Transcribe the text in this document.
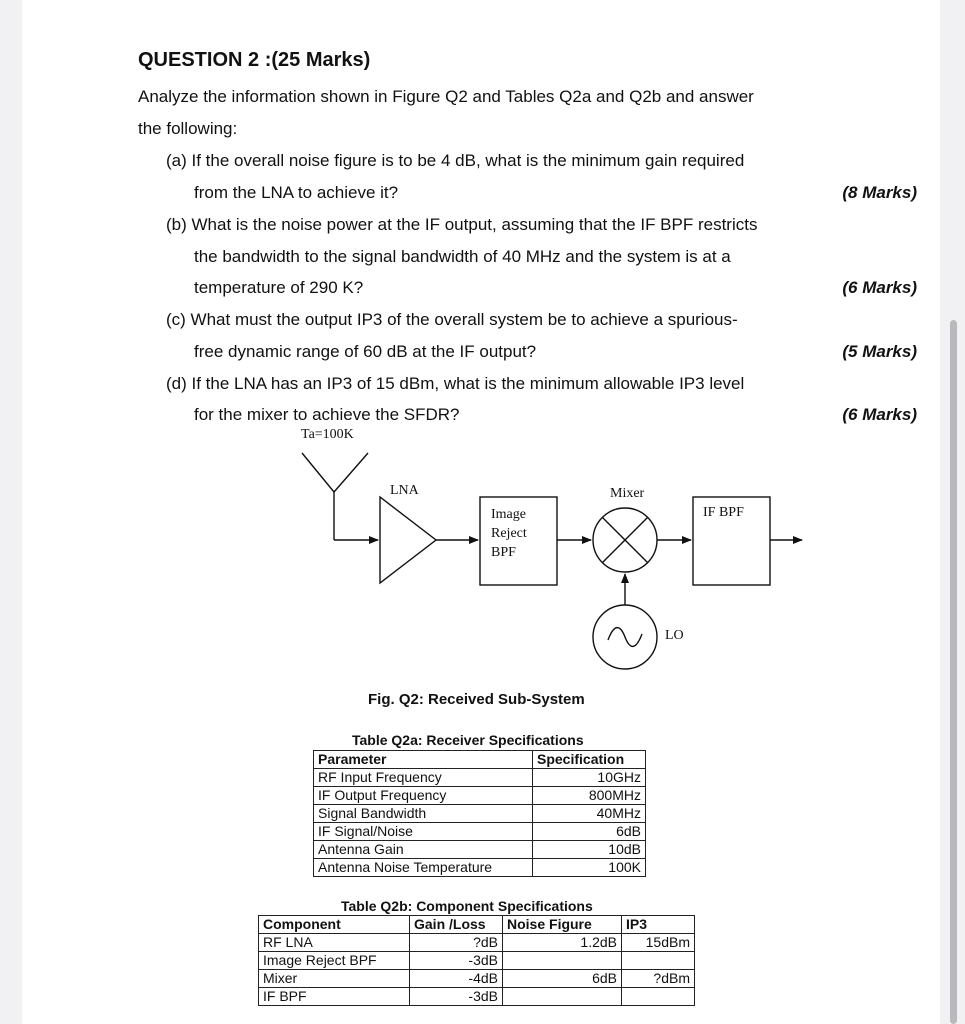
QUESTION 2 :(25 Marks)
Analyze the information shown in Figure Q2 and Tables Q2a and Q2b and answer
the following:
(a) If the overall noise figure is to be 4 dB, what is the minimum gain required
from the LNA to achieve it?	(8 Marks)
(b) What is the noise power at the IF output, assuming that the IF BPF restricts
the bandwidth to the signal bandwidth of 40 MHz and the system is at a
temperature of 290 K?	(6 Marks)
(c) What must the output IP3 of the overall system be to achieve a spurious-
free dynamic range of 60 dB at the IF output?	(5 Marks)
(d) If the LNA has an IP3 of 15 dBm, what is the minimum allowable IP3 level
for the mixer to achieve the SFDR?	(6 Marks)
Ta=100K
LNA
Image
Reject
BPF
Mixer
IF BPF
LO
Fig. Q2: Received Sub-System
Table Q2a: Receiver Specifications
Parameter	Specification
RF Input Frequency	10GHz
IF Output Frequency	800MHz
Signal Bandwidth	40MHz
IF Signal/Noise	6dB
Antenna Gain	10dB
Antenna Noise Temperature	100K
Table Q2b: Component Specifications
Component	Gain /Loss	Noise Figure	IP3
RF LNA	?dB	1.2dB	15dBm
Image Reject BPF	-3dB		
Mixer	-4dB	6dB	?dBm
IF BPF	-3dB		
